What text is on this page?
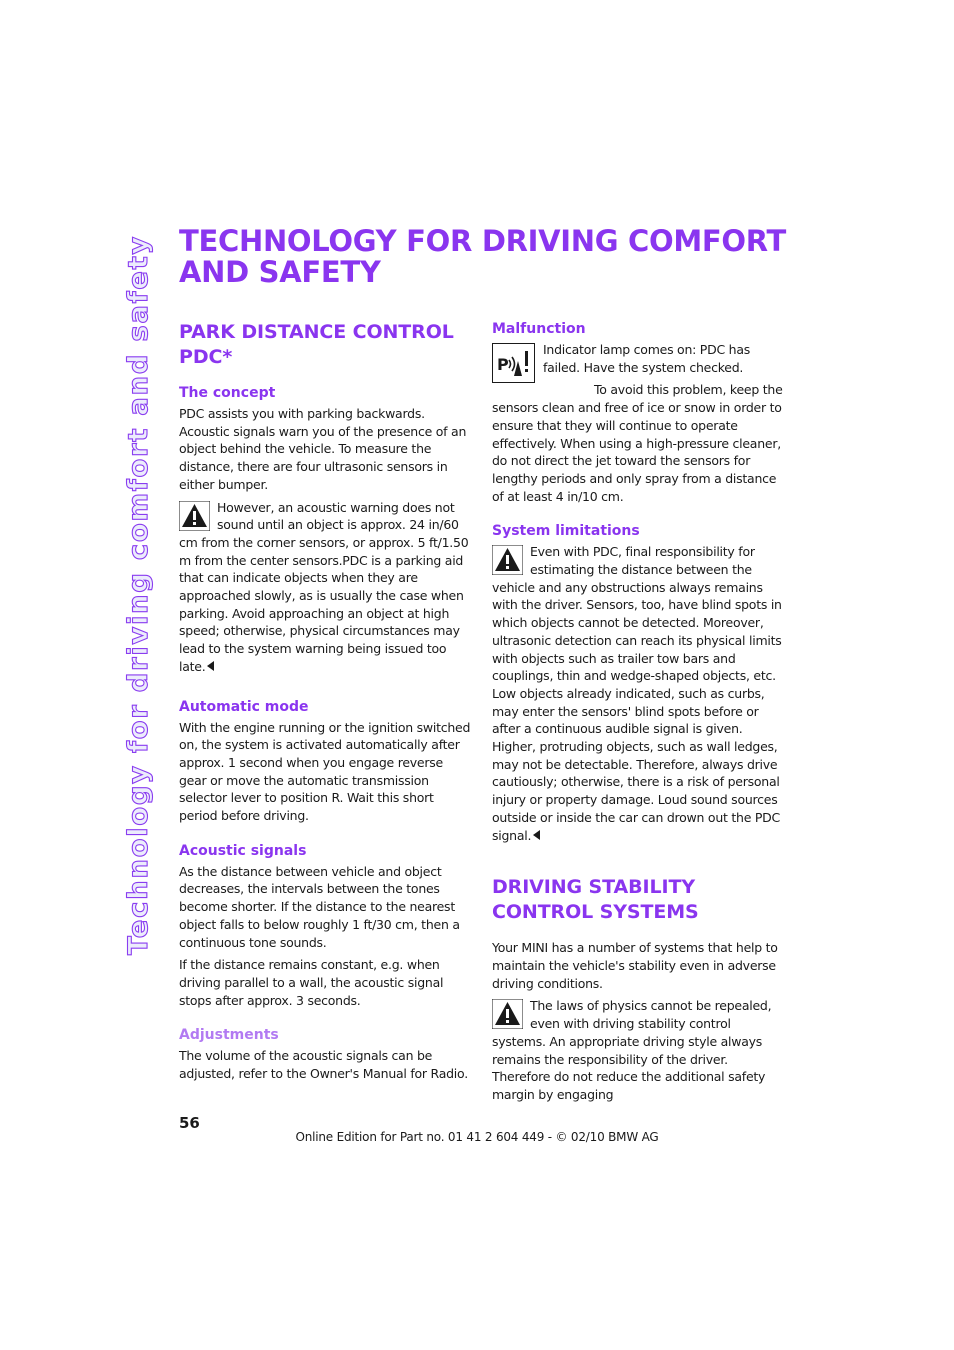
Technology for driving comfort and safety
TECHNOLOGY FOR DRIVING COMFORT AND SAFETY
PARK DISTANCE CONTROL PDC*
The concept

PDC assists you with parking backwards. Acoustic signals warn you of the presence of an object behind the vehicle. To measure the distance, there are four ultrasonic sensors in either bumper.

However, an acoustic warning does not sound until an object is approx. 24 in/60 cm from the corner sensors, or approx. 5 ft/1.50 m from the center sensors.PDC is a parking aid that can indicate objects when they are approached slowly, as is usually the case when parking. Avoid approaching an object at high speed; otherwise, physical circumstances may lead to the system warning being issued too late.

Automatic mode

With the engine running or the ignition switched on, the system is activated automatically after approx. 1 second when you engage reverse gear or move the automatic transmission selector lever to position R. Wait this short period before driving.

Acoustic signals

As the distance between vehicle and object decreases, the intervals between the tones become shorter. If the distance to the nearest object falls to below roughly 1 ft/30 cm, then a continuous tone sounds.

If the distance remains constant, e.g. when driving parallel to a wall, the acoustic signal stops after approx. 3 seconds.

Adjustments

The volume of the acoustic signals can be adjusted, refer to the Owner's Manual for Radio.

Malfunction
P

Indicator lamp comes on: PDC has failed. Have the system checked.

To avoid this problem, keep the sensors clean and free of ice or snow in order to ensure that they will continue to operate effectively. When using a high-pressure cleaner, do not direct the jet toward the sensors for lengthy periods and only spray from a distance of at least 4 in/10 cm.

System limitations

Even with PDC, final responsibility for estimating the distance between the vehicle and any obstructions always remains with the driver. Sensors, too, have blind spots in which objects cannot be detected. Moreover, ultrasonic detection can reach its physical limits with objects such as trailer tow bars and couplings, thin and wedge-shaped objects, etc. Low objects already indicated, such as curbs, may enter the sensors' blind spots before or after a continuous audible signal is given. Higher, protruding objects, such as wall ledges, may not be detectable. Therefore, always drive cautiously; otherwise, there is a risk of personal injury or property damage. Loud sound sources outside or inside the car can drown out the PDC signal.

DRIVING STABILITY CONTROL SYSTEMS

Your MINI has a number of systems that help to maintain the vehicle's stability even in adverse driving conditions.

The laws of physics cannot be repealed, even with driving stability control systems. An appropriate driving style always remains the responsibility of the driver. Therefore do not reduce the additional safety margin by engaging

56
Online Edition for Part no. 01 41 2 604 449 - © 02/10 BMW AG
